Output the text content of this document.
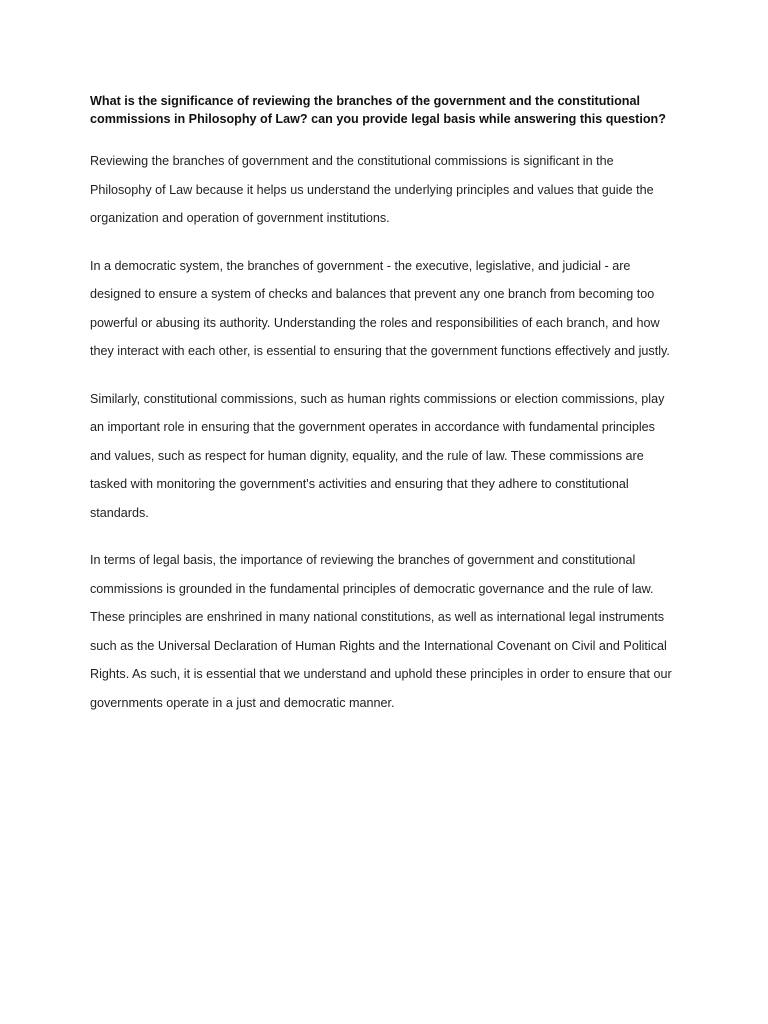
What is the significance of reviewing the branches of the government and the constitutional commissions in Philosophy of Law? can you provide legal basis while answering this question?

Reviewing the branches of government and the constitutional commissions is significant in the Philosophy of Law because it helps us understand the underlying principles and values that guide the organization and operation of government institutions.

In a democratic system, the branches of government - the executive, legislative, and judicial - are designed to ensure a system of checks and balances that prevent any one branch from becoming too powerful or abusing its authority. Understanding the roles and responsibilities of each branch, and how they interact with each other, is essential to ensuring that the government functions effectively and justly.

Similarly, constitutional commissions, such as human rights commissions or election commissions, play an important role in ensuring that the government operates in accordance with fundamental principles and values, such as respect for human dignity, equality, and the rule of law. These commissions are tasked with monitoring the government's activities and ensuring that they adhere to constitutional standards.

In terms of legal basis, the importance of reviewing the branches of government and constitutional commissions is grounded in the fundamental principles of democratic governance and the rule of law. These principles are enshrined in many national constitutions, as well as international legal instruments such as the Universal Declaration of Human Rights and the International Covenant on Civil and Political Rights. As such, it is essential that we understand and uphold these principles in order to ensure that our governments operate in a just and democratic manner.
